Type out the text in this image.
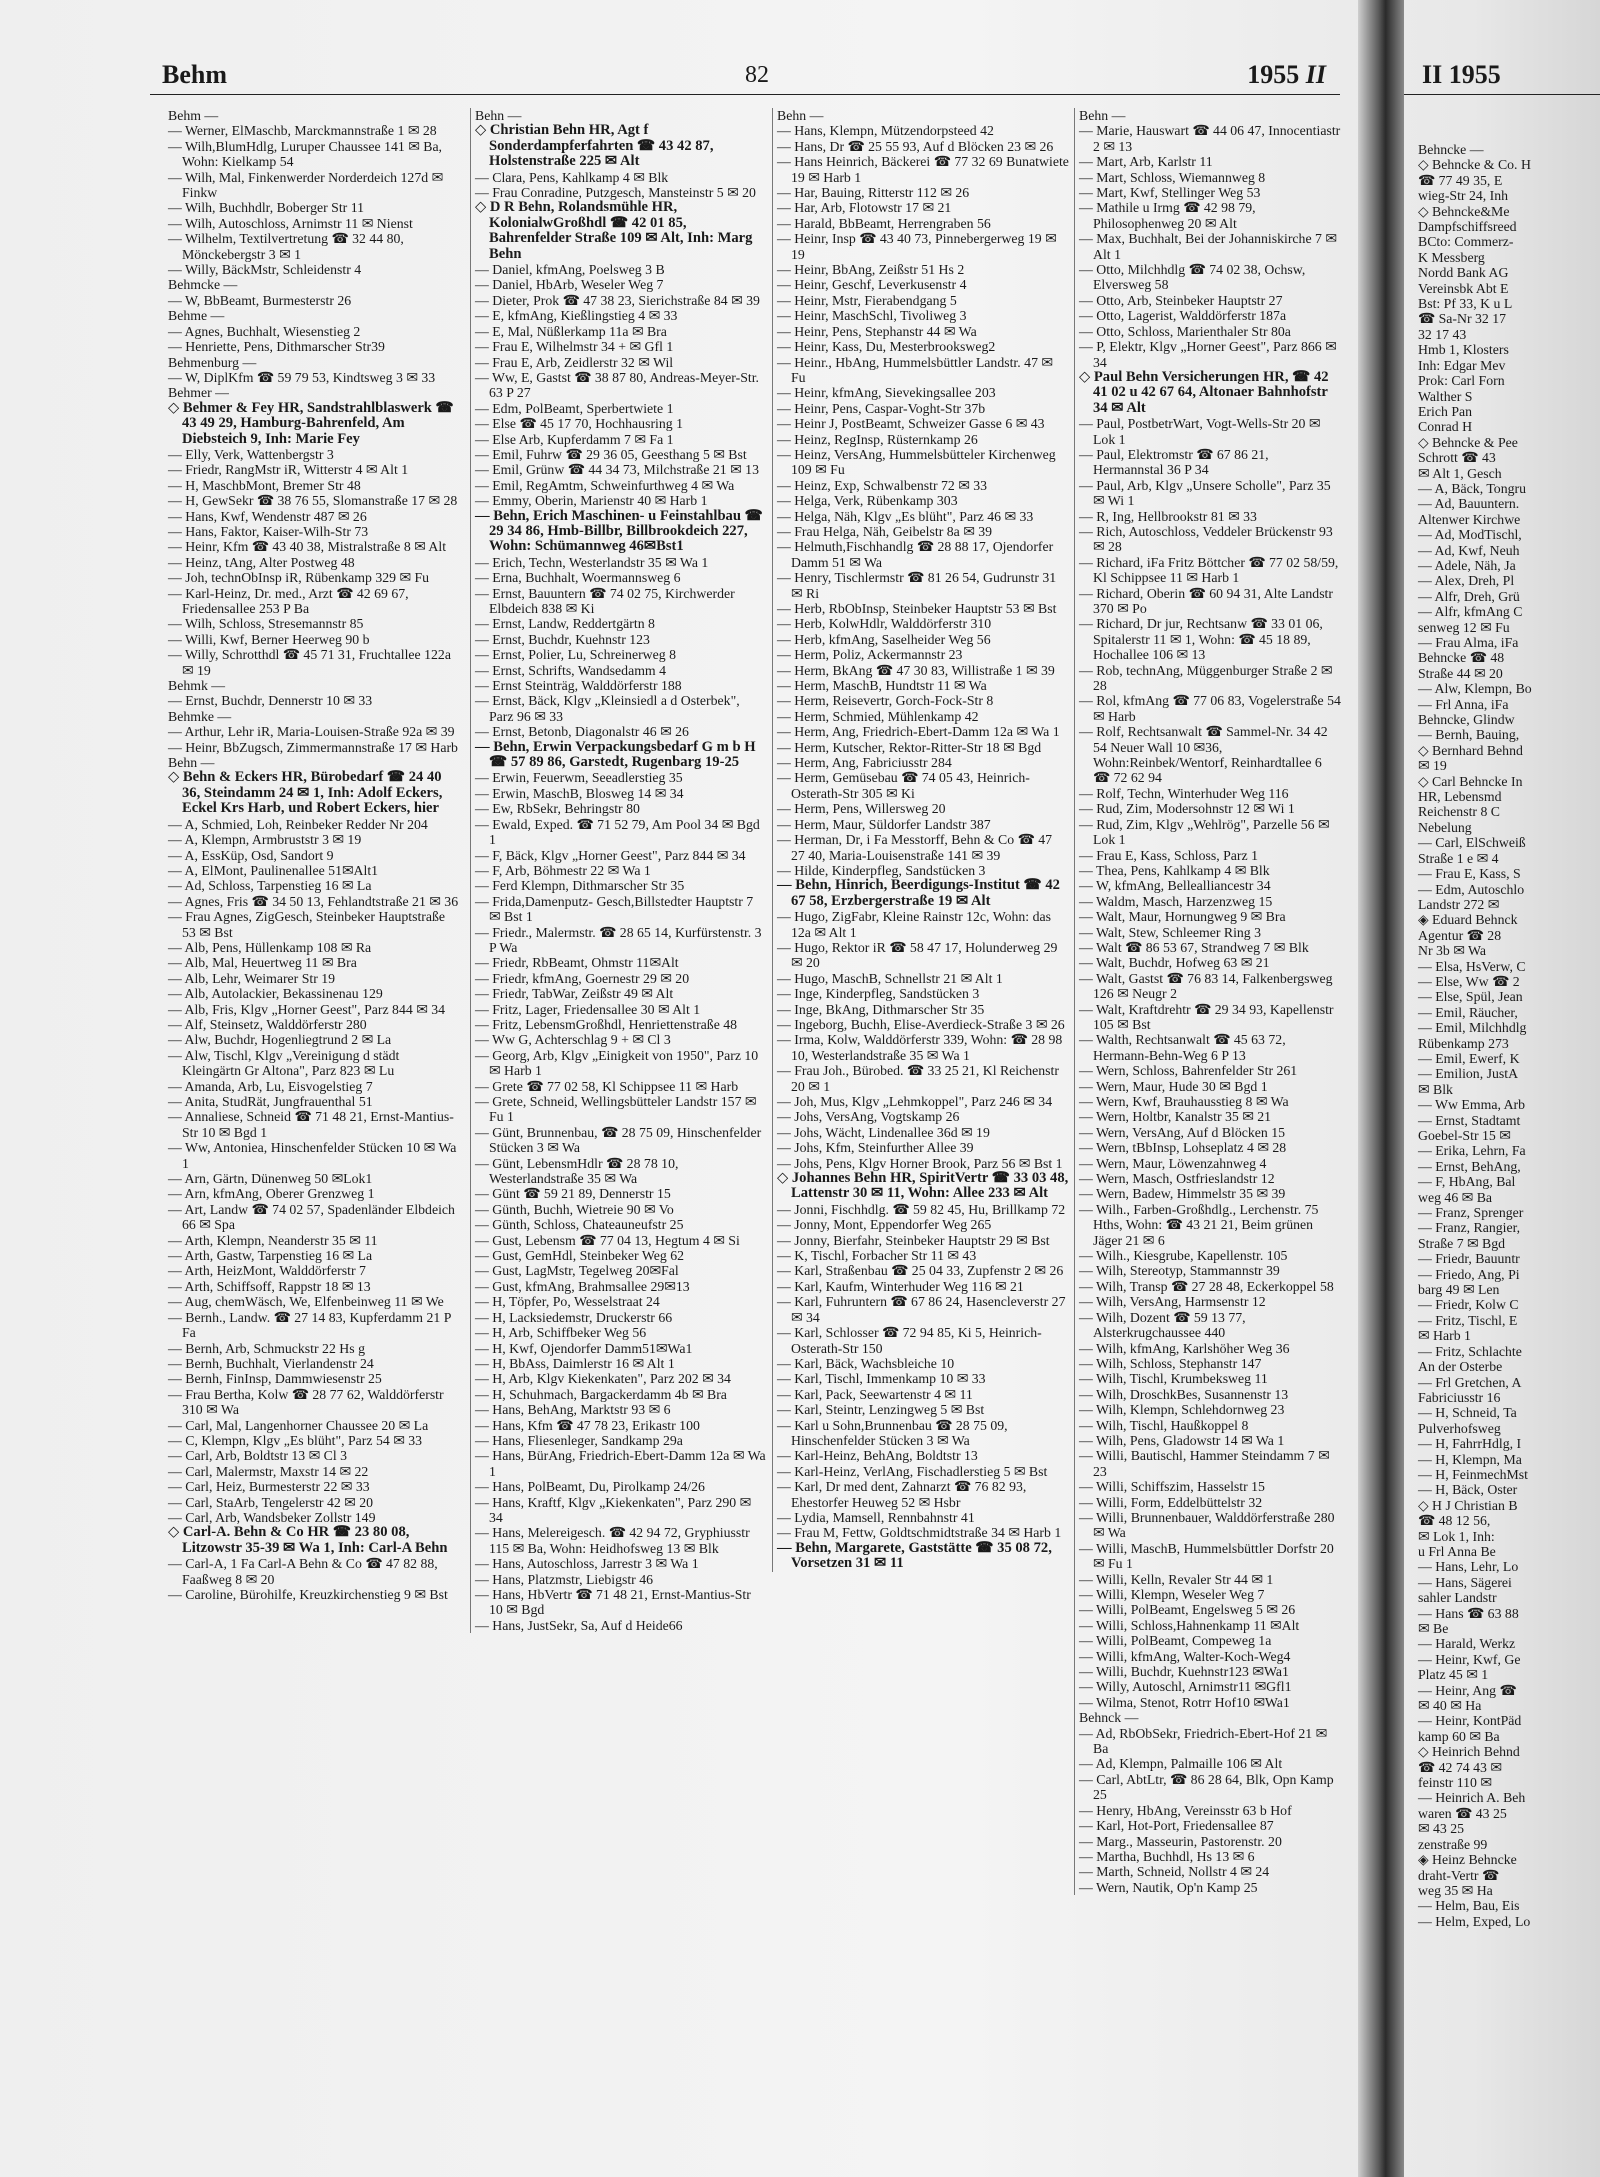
Behm	82	1955 II
Behm —
— Werner, ElMaschb, Marckmannstraße 1 ✉ 28
— Wilh,BlumHdlg, Luruper Chaussee 141 ✉ Ba, Wohn: Kielkamp 54
— Wilh, Mal, Finkenwerder Norderdeich 127d ✉ Finkw
— Wilh, Buchhdlr, Boberger Str 11
— Wilh, Autoschloss, Arnimstr 11 ✉ Nienst
— Wilhelm, Textilvertretung ☎ 32 44 80, Mönckebergstr 3 ✉ 1
— Willy, BäckMstr, Schleidenstr 4
Behmcke —
— W, BbBeamt, Burmesterstr 26
Behme —
— Agnes, Buchhalt, Wiesenstieg 2
— Henriette, Pens, Dithmarscher Str39
Behmenburg —
— W, DiplKfm ☎ 59 79 53, Kindtsweg 3 ✉ 33
Behmer —
◇ Behmer & Fey HR, Sandstrahlblaswerk ☎ 43 49 29, Hamburg-Bahrenfeld, Am Diebsteich 9, Inh: Marie Fey
— Elly, Verk, Wattenbergstr 3
— Friedr, RangMstr iR, Witterstr 4 ✉ Alt 1
— H, MaschbMont, Bremer Str 48
— H, GewSekr ☎ 38 76 55, Slomanstraße 17 ✉ 28
— Hans, Kwf, Wendenstr 487 ✉ 26
— Hans, Faktor, Kaiser-Wilh-Str 73
— Heinr, Kfm ☎ 43 40 38, Mistralstraße 8 ✉ Alt
— Heinz, tAng, Alter Postweg 48
— Joh, technObInsp iR, Rübenkamp 329 ✉ Fu
— Karl-Heinz, Dr. med., Arzt ☎ 42 69 67, Friedensallee 253 P Ba
— Wilh, Schloss, Stresemannstr 85
— Willi, Kwf, Berner Heerweg 90 b
— Willy, Schrotthdl ☎ 45 71 31, Fruchtallee 122a ✉ 19
Behmk —
— Ernst, Buchdr, Dennerstr 10 ✉ 33
Behmke —
— Arthur, Lehr iR, Maria-Louisen-Straße 92a ✉ 39
— Heinr, BbZugsch, Zimmermannstraße 17 ✉ Harb
Behn —
◇ Behn & Eckers HR, Bürobedarf ☎ 24 40 36, Steindamm 24 ✉ 1, Inh: Adolf Eckers, Eckel Krs Harb, und Robert Eckers, hier
— A, Schmied, Loh, Reinbeker Redder Nr 204
— A, Klempn, Armbruststr 3 ✉ 19
— A, EssKüp, Osd, Sandort 9
— A, ElMont, Paulinenallee 51✉Alt1
— Ad, Schloss, Tarpenstieg 16 ✉ La
— Agnes, Fris ☎ 34 50 13, Fehlandtstraße 21 ✉ 36
— Frau Agnes, ZigGesch, Steinbeker Hauptstraße 53 ✉ Bst
— Alb, Pens, Hüllenkamp 108 ✉ Ra
— Alb, Mal, Heuertweg 11 ✉ Bra
— Alb, Lehr, Weimarer Str 19
— Alb, Autolackier, Bekassinenau 129
— Alb, Fris, Klgv „Horner Geest", Parz 844 ✉ 34
— Alf, Steinsetz, Walddörferstr 280
— Alw, Buchdr, Hogenliegtrund 2 ✉ La
— Alw, Tischl, Klgv „Vereinigung d städt Kleingärtn Gr Altona", Parz 823 ✉ Lu
— Amanda, Arb, Lu, Eisvogelstieg 7
— Anita, StudRät, Jungfrauenthal 51
— Annaliese, Schneid ☎ 71 48 21, Ernst-Mantius-Str 10 ✉ Bgd 1
— Ww, Antoniea, Hinschenfelder Stücken 10 ✉ Wa 1
— Arn, Gärtn, Dünenweg 50 ✉Lok1
— Arn, kfmAng, Oberer Grenzweg 1
— Art, Landw ☎ 74 02 57, Spadenländer Elbdeich 66 ✉ Spa
— Arth, Klempn, Neanderstr 35 ✉ 11
— Arth, Gastw, Tarpenstieg 16 ✉ La
— Arth, HeizMont, Walddörferstr 7
— Arth, Schiffsoff, Rappstr 18 ✉ 13
— Aug, chemWäsch, We, Elfenbeinweg 11 ✉ We
— Bernh., Landw. ☎ 27 14 83, Kupferdamm 21 P Fa
— Bernh, Arb, Schmuckstr 22 Hs g
— Bernh, Buchhalt, Vierlandenstr 24
— Bernh, FinInsp, Dammwiesenstr 25
— Frau Bertha, Kolw ☎ 28 77 62, Walddörferstr 310 ✉ Wa
— Carl, Mal, Langenhorner Chaussee 20 ✉ La
— C, Klempn, Klgv „Es blüht", Parz 54 ✉ 33
— Carl, Arb, Boldtstr 13 ✉ Cl 3
— Carl, Malermstr, Maxstr 14 ✉ 22
— Carl, Heiz, Burmesterstr 22 ✉ 33
— Carl, StaArb, Tengelerstr 42 ✉ 20
— Carl, Arb, Wandsbeker Zollstr 149
◇ Carl-A. Behn & Co HR ☎ 23 80 08, Litzowstr 35-39 ✉ Wa 1, Inh: Carl-A Behn
— Carl-A, 1 Fa Carl-A Behn & Co ☎ 47 82 88, Faaßweg 8 ✉ 20
— Caroline, Bürohilfe, Kreuzkirchenstieg 9 ✉ Bst
Behn —
◇ Christian Behn HR, Agt f Sonderdampferfahrten ☎ 43 42 87, Holstenstraße 225 ✉ Alt
— Clara, Pens, Kahlkamp 4 ✉ Blk
— Frau Conradine, Putzgesch, Mansteinstr 5 ✉ 20
◇ D R Behn, Rolandsmühle HR, KolonialwGroßhdl ☎ 42 01 85, Bahrenfelder Straße 109 ✉ Alt, Inh: Marg Behn
— Daniel, kfmAng, Poelsweg 3 B
— Daniel, HbArb, Weseler Weg 7
— Dieter, Prok ☎ 47 38 23, Sierichstraße 84 ✉ 39
— E, kfmAng, Kießlingstieg 4 ✉ 33
— E, Mal, Nüßlerkamp 11a ✉ Bra
— Frau E, Wilhelmstr 34 + ✉ Gfl 1
— Frau E, Arb, Zeidlerstr 32 ✉ Wil
— Ww, E, Gastst ☎ 38 87 80, Andreas-Meyer-Str. 63 P 27
— Edm, PolBeamt, Sperbertwiete 1
— Else ☎ 45 17 70, Hochhausring 1
— Else Arb, Kupferdamm 7 ✉ Fa 1
— Emil, Fuhrw ☎ 29 36 05, Geesthang 5 ✉ Bst
— Emil, Grünw ☎ 44 34 73, Milchstraße 21 ✉ 13
— Emil, RegAmtm, Schweinfurthweg 4 ✉ Wa
— Emmy, Oberin, Marienstr 40 ✉ Harb 1
— Behn, Erich Maschinen- u Feinstahlbau ☎ 29 34 86, Hmb-Billbr, Billbrookdeich 227, Wohn: Schümannweg 46✉Bst1
— Erich, Techn, Westerlandstr 35 ✉ Wa 1
— Erna, Buchhalt, Woermannsweg 6
— Ernst, Bauuntern ☎ 74 02 75, Kirchwerder Elbdeich 838 ✉ Ki
— Ernst, Landw, Reddertgärtn 8
— Ernst, Buchdr, Kuehnstr 123
— Ernst, Polier, Lu, Schreinerweg 8
— Ernst, Schrifts, Wandsedamm 4
— Ernst Steinträg, Walddörferstr 188
— Ernst, Bäck, Klgv „Kleinsiedl a d Osterbek", Parz 96 ✉ 33
— Ernst, Betonb, Diagonalstr 46 ✉ 26
— Behn, Erwin Verpackungsbedarf G m b H ☎ 57 89 86, Garstedt, Rugenbarg 19-25
— Erwin, Feuerwm, Seeadlerstieg 35
— Erwin, MaschB, Blosweg 14 ✉ 34
— Ew, RbSekr, Behringstr 80
— Ewald, Exped. ☎ 71 52 79, Am Pool 34 ✉ Bgd 1
— F, Bäck, Klgv „Horner Geest", Parz 844 ✉ 34
— F, Arb, Böhmestr 22 ✉ Wa 1
— Ferd Klempn, Dithmarscher Str 35
— Frida,Damenputz- Gesch,Billstedter Hauptstr 7 ✉ Bst 1
— Friedr., Malermstr. ☎ 28 65 14, Kurfürstenstr. 3 P Wa
— Friedr, RbBeamt, Ohmstr 11✉Alt
— Friedr, kfmAng, Goernestr 29 ✉ 20
— Friedr, TabWar, Zeißstr 49 ✉ Alt
— Fritz, Lager, Friedensallee 30 ✉ Alt 1
— Fritz, LebensmGroßhdl, Henriettenstraße 48
— Ww G, Achterschlag 9 + ✉ Cl 3
— Georg, Arb, Klgv „Einigkeit von 1950", Parz 10 ✉ Harb 1
— Grete ☎ 77 02 58, Kl Schippsee 11 ✉ Harb
— Grete, Schneid, Wellingsbütteler Landstr 157 ✉ Fu 1
— Günt, Brunnenbau, ☎ 28 75 09, Hinschenfelder Stücken 3 ✉ Wa
— Günt, LebensmHdlr ☎ 28 78 10, Westerlandstraße 35 ✉ Wa
— Günt ☎ 59 21 89, Dennerstr 15
— Günth, Buchh, Wietreie 90 ✉ Vo
— Günth, Schloss, Chateaunеufstr 25
— Gust, Lebensm ☎ 77 04 13, Hegtum 4 ✉ Si
— Gust, GemHdl, Steinbeker Weg 62
— Gust, LagMstr, Tegelweg 20✉Fal
— Gust, kfmAng, Brahmsallee 29✉13
— H, Töpfer, Po, Wesselstraat 24
— H, Lacksiedemstr, Druckerstr 66
— H, Arb, Schiffbeker Weg 56
— H, Kwf, Ojendorfer Damm51✉Wa1
— H, BbAss, Daimlerstr 16 ✉ Alt 1
— H, Arb, Klgv Kiekenkaten", Parz 202 ✉ 34
— H, Schuhmach, Bargackerdamm 4b ✉ Bra
— Hans, BehAng, Marktstr 93 ✉ 6
— Hans, Kfm ☎ 47 78 23, Erikastr 100
— Hans, Fliesenleger, Sandkamp 29a
— Hans, BürAng, Friedrich-Ebert-Damm 12a ✉ Wa 1
— Hans, PolBeamt, Du, Pirolkamp 24/26
— Hans, Kraftf, Klgv „Kiekenkaten", Parz 290 ✉ 34
— Hans, Melereigesch. ☎ 42 94 72, Gryphiusstr 115 ✉ Ba, Wohn: Heidhofsweg 13 ✉ Blk
— Hans, Autoschloss, Jarrestr 3 ✉ Wa 1
— Hans, Platzmstr, Liebigstr 46
— Hans, HbVertr ☎ 71 48 21, Ernst-Mantius-Str 10 ✉ Bgd
— Hans, JustSekr, Sa, Auf d Heide66
Behn —
— Hans, Klempn, Mützendorpsteed 42
— Hans, Dr ☎ 25 55 93, Auf d Blöcken 23 ✉ 26
— Hans Heinrich, Bäckerei ☎ 77 32 69 Bunatwiete 19 ✉ Harb 1
— Har, Bauing, Ritterstr 112 ✉ 26
— Har, Arb, Flotowstr 17 ✉ 21
— Harald, BbBeamt, Herrengraben 56
— Heinr, Insp ☎ 43 40 73, Pinnebergerweg 19 ✉ 19
— Heinr, BbAng, Zeißstr 51 Hs 2
— Heinr, Geschf, Leverkusenstr 4
— Heinr, Mstr, Fierabendgang 5
— Heinr, MaschSchl, Tivoliweg 3
— Heinr, Pens, Stephanstr 44 ✉ Wa
— Heinr, Kass, Du, Mesterbrooksweg2
— Heinr., HbAng, Hummelsbüttler Landstr. 47 ✉ Fu
— Heinr, kfmAng, Sievekingsallee 203
— Heinr, Pens, Caspar-Voght-Str 37b
— Heinr J, PostBeamt, Schweizer Gasse 6 ✉ 43
— Heinz, RegInsp, Rüsternkamp 26
— Heinz, VersAng, Hummelsbütteler Kirchenweg 109 ✉ Fu
— Heinz, Exp, Schwalbenstr 72 ✉ 33
— Helga, Verk, Rübenkamp 303
— Helga, Näh, Klgv „Es blüht", Parz 46 ✉ 33
— Frau Helga, Näh, Geibelstr 8a ✉ 39
— Helmuth,Fischhandlg ☎ 28 88 17, Ojendorfer Damm 51 ✉ Wa
— Henry, Tischlermstr ☎ 81 26 54, Gudrunstr 31 ✉ Ri
— Herb, RbObInsp, Steinbeker Hauptstr 53 ✉ Bst
— Herb, KolwHdlr, Walddörferstr 310
— Herb, kfmAng, Saselheider Weg 56
— Herm, Poliz, Ackermannstr 23
— Herm, BkAng ☎ 47 30 83, Willistraße 1 ✉ 39
— Herm, MaschB, Hundtstr 11 ✉ Wa
— Herm, Reisevertr, Gorch-Fock-Str 8
— Herm, Schmied, Mühlenkamp 42
— Herm, Ang, Friedrich-Ebert-Damm 12a ✉ Wa 1
— Herm, Kutscher, Rektor-Ritter-Str 18 ✉ Bgd
— Herm, Ang, Fabriciusstr 284
— Herm, Gemüsebau ☎ 74 05 43, Heinrich-Osterath-Str 305 ✉ Ki
— Herm, Pens, Willersweg 20
— Herm, Maur, Süldorfer Landstr 387
— Herman, Dr, i Fa Messtorff, Behn & Co ☎ 47 27 40, Maria-Louisenstraße 141 ✉ 39
— Hilde, Kinderpfleg, Sandstücken 3
— Behn, Hinrich, Beerdigungs-Institut ☎ 42 67 58, Erzbergerstraße 19 ✉ Alt
— Hugo, ZigFabr, Kleine Rainstr 12c, Wohn: das 12a ✉ Alt 1
— Hugo, Rektor iR ☎ 58 47 17, Holunderweg 29 ✉ 20
— Hugo, MaschB, Schnellstr 21 ✉ Alt 1
— Inge, Kinderpfleg, Sandstücken 3
— Inge, BkAng, Dithmarscher Str 35
— Ingeborg, Buchh, Elise-Averdieck-Straße 3 ✉ 26
— Irma, Kolw, Walddörferstr 339, Wohn: ☎ 28 98 10, Westerlandstraße 35 ✉ Wa 1
— Frau Joh., Bürobed. ☎ 33 25 21, Kl Reichenstr 20 ✉ 1
— Joh, Mus, Klgv „Lehmkoppel", Parz 246 ✉ 34
— Johs, VersAng, Vogtskamp 26
— Johs, Wächt, Lindenallee 36d ✉ 19
— Johs, Kfm, Steinfurther Allee 39
— Johs, Pens, Klgv Horner Brook, Parz 56 ✉ Bst 1
◇ Johannes Behn HR, SpiritVertr ☎ 33 03 48, Lattenstr 30 ✉ 11, Wohn: Allee 233 ✉ Alt
— Jonni, Fischhdlg. ☎ 59 82 45, Hu, Brillkamp 72
— Jonny, Mont, Eppendorfer Weg 265
— Jonny, Bierfahr, Steinbeker Hauptstr 29 ✉ Bst
— K, Tischl, Forbacher Str 11 ✉ 43
— Karl, Straßenbau ☎ 25 04 33, Zupfenstr 2 ✉ 26
— Karl, Kaufm, Winterhuder Weg 116 ✉ 21
— Karl, Fuhruntern ☎ 67 86 24, Hasencleverstr 27 ✉ 34
— Karl, Schlosser ☎ 72 94 85, Ki 5, Heinrich-Osterath-Str 150
— Karl, Bäck, Wachsbleiche 10
— Karl, Tischl, Immenkamp 10 ✉ 33
— Karl, Pack, Seewartenstr 4 ✉ 11
— Karl, Steintr, Lenzingweg 5 ✉ Bst
— Karl u Sohn,Brunnenbau ☎ 28 75 09, Hinschenfelder Stücken 3 ✉ Wa
— Karl-Heinz, BehAng, Boldtstr 13
— Karl-Heinz, VerlAng, Fischadlerstieg 5 ✉ Bst
— Karl, Dr med dent, Zahnarzt ☎ 76 82 93, Ehestorfer Heuweg 52 ✉ Hsbr
— Lydia, Mamsell, Rennbahnstr 41
— Frau M, Fettw, Goldtschmidtstraße 34 ✉ Harb 1
— Behn, Margarete, Gaststätte ☎ 35 08 72, Vorsetzen 31 ✉ 11
Behn —
— Marie, Hauswart ☎ 44 06 47, Innocentiastr 2 ✉ 13
— Mart, Arb, Karlstr 11
— Mart, Schloss, Wiemannweg 8
— Mart, Kwf, Stellinger Weg 53
— Mathile u Irmg ☎ 42 98 79, Philosophenweg 20 ✉ Alt
— Max, Buchhalt, Bei der Johanniskirche 7 ✉ Alt 1
— Otto, Milchhdlg ☎ 74 02 38, Ochsw, Elversweg 58
— Otto, Arb, Steinbeker Hauptstr 27
— Otto, Lagerist, Walddörferstr 187a
— Otto, Schloss, Marienthaler Str 80a
— P, Elektr, Klgv „Horner Geest", Parz 866 ✉ 34
◇ Paul Behn Versicherungen HR, ☎ 42 41 02 u 42 67 64, Altonaer Bahnhofstr 34 ✉ Alt
— Paul, PostbetrWart, Vogt-Wells-Str 20 ✉ Lok 1
— Paul, Elektromstr ☎ 67 86 21, Hermannstal 36 P 34
— Paul, Arb, Klgv „Unsere Scholle", Parz 35 ✉ Wi 1
— R, Ing, Hellbrookstr 81 ✉ 33
— Rich, Autoschloss, Veddeler Brückenstr 93 ✉ 28
— Richard, iFa Fritz Böttcher ☎ 77 02 58/59, Kl Schippsee 11 ✉ Harb 1
— Richard, Oberin ☎ 60 94 31, Alte Landstr 370 ✉ Po
— Richard, Dr jur, Rechtsanw ☎ 33 01 06, Spitalerstr 11 ✉ 1, Wohn: ☎ 45 18 89, Hochallee 106 ✉ 13
— Rob, technAng, Müggenburger Straße 2 ✉ 28
— Rol, kfmAng ☎ 77 06 83, Vogelerstraße 54 ✉ Harb
— Rolf, Rechtsanwalt ☎ Sammel-Nr. 34 42 54 Neuer Wall 10 ✉36, Wohn:Reinbek/Wentorf, Reinhardtallee 6 ☎ 72 62 94
— Rolf, Techn, Winterhuder Weg 116
— Rud, Zim, Modersohnstr 12 ✉ Wi 1
— Rud, Zim, Klgv „Wehlrög", Parzelle 56 ✉ Lok 1
— Frau E, Kass, Schloss, Parz 1
— Thea, Pens, Kahlkamp 4 ✉ Blk
— W, kfmAng, Bellealliancestr 34
— Waldm, Masch, Harzenzweg 15
— Walt, Maur, Hornungweg 9 ✉ Bra
— Walt, Stew, Schleemer Ring 3
— Walt ☎ 86 53 67, Strandweg 7 ✉ Blk
— Walt, Buchdr, Hofweg 63 ✉ 21
— Walt, Gastst ☎ 76 83 14, Falkenbergsweg 126 ✉ Neugr 2
— Walt, Kraftdrehtr ☎ 29 34 93, Kapellenstr 105 ✉ Bst
— Walth, Rechtsanwalt ☎ 45 63 72, Hermann-Behn-Weg 6 P 13
— Wern, Schloss, Bahrenfelder Str 261
— Wern, Maur, Hude 30 ✉ Bgd 1
— Wern, Kwf, Brauhausstieg 8 ✉ Wa
— Wern, Holtbr, Kanalstr 35 ✉ 21
— Wern, VersAng, Auf d Blöcken 15
— Wern, tBbInsp, Lohseplatz 4 ✉ 28
— Wern, Maur, Löwenzahnweg 4
— Wern, Masch, Ostfrieslandstr 12
— Wern, Badew, Himmelstr 35 ✉ 39
— Wilh., Farben-Großhdlg., Lerchenstr. 75 Hths, Wohn: ☎ 43 21 21, Beim grünen Jäger 21 ✉ 6
— Wilh., Kiesgrube, Kapellenstr. 105
— Wilh, Stereotyp, Stammannstr 39
— Wilh, Transp ☎ 27 28 48, Eckerkoppel 58
— Wilh, VersAng, Harmsenstr 12
— Wilh, Dozent ☎ 59 13 77, Alsterkrugchaussee 440
— Wilh, kfmAng, Karlshöher Weg 36
— Wilh, Schloss, Stephanstr 147
— Wilh, Tischl, Krumbeksweg 11
— Wilh, DroschkBes, Susannenstr 13
— Wilh, Klempn, Schlehdornweg 23
— Wilh, Tischl, Haußkoppel 8
— Wilh, Pens, Gladowstr 14 ✉ Wa 1
— Willi, Bautischl, Hammer Steindamm 7 ✉ 23
— Willi, Schiffszim, Hasselstr 15
— Willi, Form, Eddelbüttelstr 32
— Willi, Brunnenbauer, Walddörferstraße 280 ✉ Wa
— Willi, MaschB, Hummelsbüttler Dorfstr 20 ✉ Fu 1
— Willi, Kelln, Revaler Str 44 ✉ 1
— Willi, Klempn, Weseler Weg 7
— Willi, PolBeamt, Engelsweg 5 ✉ 26
— Willi, Schloss,Hahnenkamp 11 ✉Alt
— Willi, PolBeamt, Compeweg 1a
— Willi, kfmAng, Walter-Koch-Weg4
— Willi, Buchdr, Kuehnstr123 ✉Wa1
— Willy, Autoschl, Arnimstr11 ✉Gfl1
— Wilma, Stenot, Rotrr Hof10 ✉Wa1
Behnck —
— Ad, RbObSekr, Friedrich-Ebert-Hof 21 ✉ Ba
— Ad, Klempn, Palmaille 106 ✉ Alt
— Carl, AbtLtr, ☎ 86 28 64, Blk, Opn Kamp 25
— Henry, HbAng, Vereinsstr 63 b Hof
— Karl, Hot-Port, Friedensallee 87
— Marg., Masseurin, Pastorenstr. 20
— Martha, Buchhdl, Hs 13 ✉ 6
— Marth, Schneid, Nollstr 4 ✉ 24
— Wern, Nautik, Op'n Kamp 25
II 1955
Behncke —
◇ Behncke & Co. H
☎ 77 49 35, E
wieg-Str 24, Inh
◇ Behncke&Me
Dampfschiffsreed
BCto: Commerz-
K Messberg
Nordd Bank AG
Vereinsbk Abt E
Bst: Pf 33, K u L
☎ Sa-Nr 32 17
32 17 43
Hmb 1, Klosters
Inh: Edgar Mev
Prok: Carl Forn
Walther S
Erich Pan
Conrad H
◇ Behncke & Pee
Schrott ☎ 43
✉ Alt 1, Gesch
— A, Bäck, Tongru
— Ad, Bauuntern.
Altenwer Kirchwe
— Ad, ModTischl,
— Ad, Kwf, Neuh
— Adele, Näh, Ja
— Alex, Dreh, Pl
— Alfr, Dreh, Grü
— Alfr, kfmAng C
senweg 12 ✉ Fu
— Frau Alma, iFa
Behncke ☎ 48
Straße 44 ✉ 20
— Alw, Klempn, Bo
— Frl Anna, iFa
Behncke, Glindw
— Bernh, Bauing,
◇ Bernhard Behnd
✉ 19
◇ Carl Behncke In
HR, Lebensmd
Reichenstr 8 C
Nebelung
— Carl, ElSchweiß
Straße 1 e ✉ 4
— Frau E, Kass, S
— Edm, Autoschlo
Landstr 272 ✉
◈ Eduard Behnck
Agentur ☎ 28
Nr 3b ✉ Wa
— Elsa, HsVerw, C
— Else, Ww ☎ 2
— Else, Spül, Jean
— Emil, Räucher,
— Emil, Milchhdlg
Rübenkamp 273
— Emil, Ewerf, K
— Emilion, JustA
✉ Blk
— Ww Emma, Arb
— Ernst, Stadtamt
Goebel-Str 15 ✉
— Erika, Lehrn, Fa
— Ernst, BehAng,
— F, HbAng, Bal
weg 46 ✉ Ba
— Franz, Sprenger
— Franz, Rangier,
Straße 7 ✉ Bgd
— Friedr, Bauuntr
— Friedo, Ang, Pi
barg 49 ✉ Len
— Friedr, Kolw C
— Fritz, Tischl, E
✉ Harb 1
— Fritz, Schlachte
An der Osterbe
— Frl Gretchen, A
Fabriciusstr 16
— H, Schneid, Ta
Pulverhofsweg
— H, FahrrHdlg, I
— H, Klempn, Ma
— H, FeinmechMst
— H, Bäck, Oster
◇ H J Christian B
☎ 48 12 56,
✉ Lok 1, Inh:
u Frl Anna Be
— Hans, Lehr, Lo
— Hans, Sägerei
sahler Landstr
— Hans ☎ 63 88
✉ Be
— Harald, Werkz
— Heinr, Kwf, Ge
Platz 45 ✉ 1
— Heinr, Ang ☎
✉ 40 ✉ Ha
— Heinr, KontPäd
kamp 60 ✉ Ba
◇ Heinrich Behnd
☎ 42 74 43 ✉
feinstr 110 ✉
— Heinrich A. Beh
waren ☎ 43 25
✉ 43 25
zenstraße 99
◈ Heinz Behncke
draht-Vertr ☎
weg 35 ✉ Ha
— Helm, Bau, Eis
— Helm, Exped, Lo
